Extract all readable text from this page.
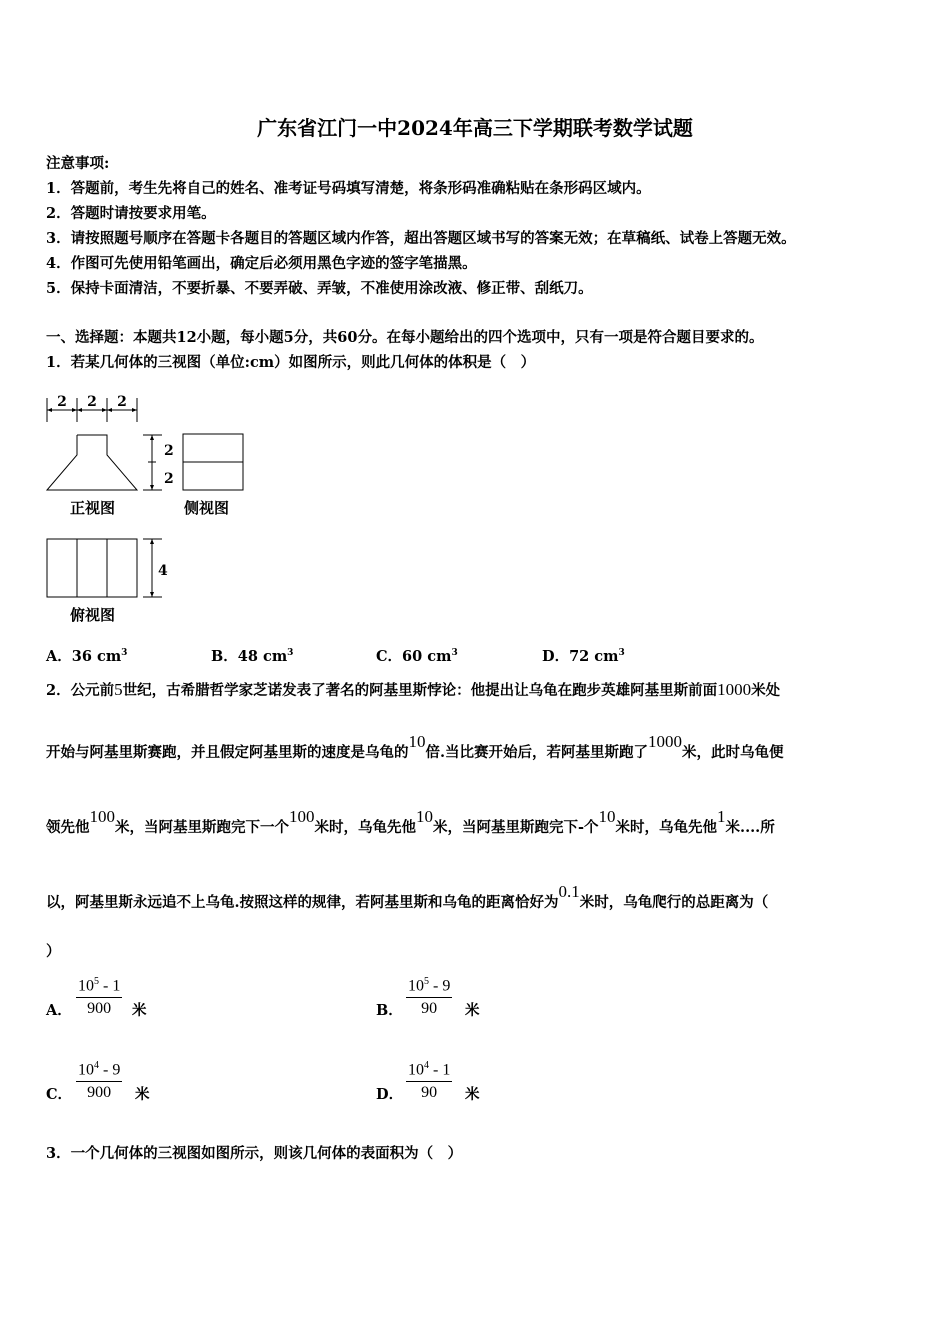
广东省江门一中2024年高三下学期联考数学试题
注意事项:
1．答题前，考生先将自己的姓名、准考证号码填写清楚，将条形码准确粘贴在条形码区域内。
2．答题时请按要求用笔。
3．请按照题号顺序在答题卡各题目的答题区域内作答，超出答题区域书写的答案无效；在草稿纸、试卷上答题无效。
4．作图可先使用铅笔画出，确定后必须用黑色字迹的签字笔描黑。
5．保持卡面清洁，不要折暴、不要弄破、弄皱，不准使用涂改液、修正带、刮纸刀。
一、选择题：本题共12小题，每小题5分，共60分。在每小题给出的四个选项中，只有一项是符合题目要求的。
1．若某几何体的三视图（单位:cm）如图所示，则此几何体的体积是（　）
2 2 2
2
2
4
正视图	侧视图
俯视图
A．36 $cm^3$	B．48 $cm^3$	C．60 $cm^3$	D．72 $cm^3$
2．公元前5世纪，古希腊哲学家芝诺发表了著名的阿基里斯悖论：他提出让乌龟在跑步英雄阿基里斯前面1000米处
开始与阿基里斯赛跑，并且假定阿基里斯的速度是乌龟的10倍.当比赛开始后，若阿基里斯跑了1000米，此时乌龟便
领先他100米，当阿基里斯跑完下一个100米时，乌龟先他10米，当阿基里斯跑完下-个10米时，乌龟先他1米....所
以，阿基里斯永远追不上乌龟.按照这样的规律，若阿基里斯和乌龟的距离恰好为0.1米时，乌龟爬行的总距离为（
）
A． $\frac{10^5 - 1}{900}$ 米	B． $\frac{10^5 - 9}{90}$ 米
C． $\frac{10^4 - 9}{900}$ 米	D． $\frac{10^4 - 1}{90}$ 米
3．一个几何体的三视图如图所示，则该几何体的表面积为（　）
